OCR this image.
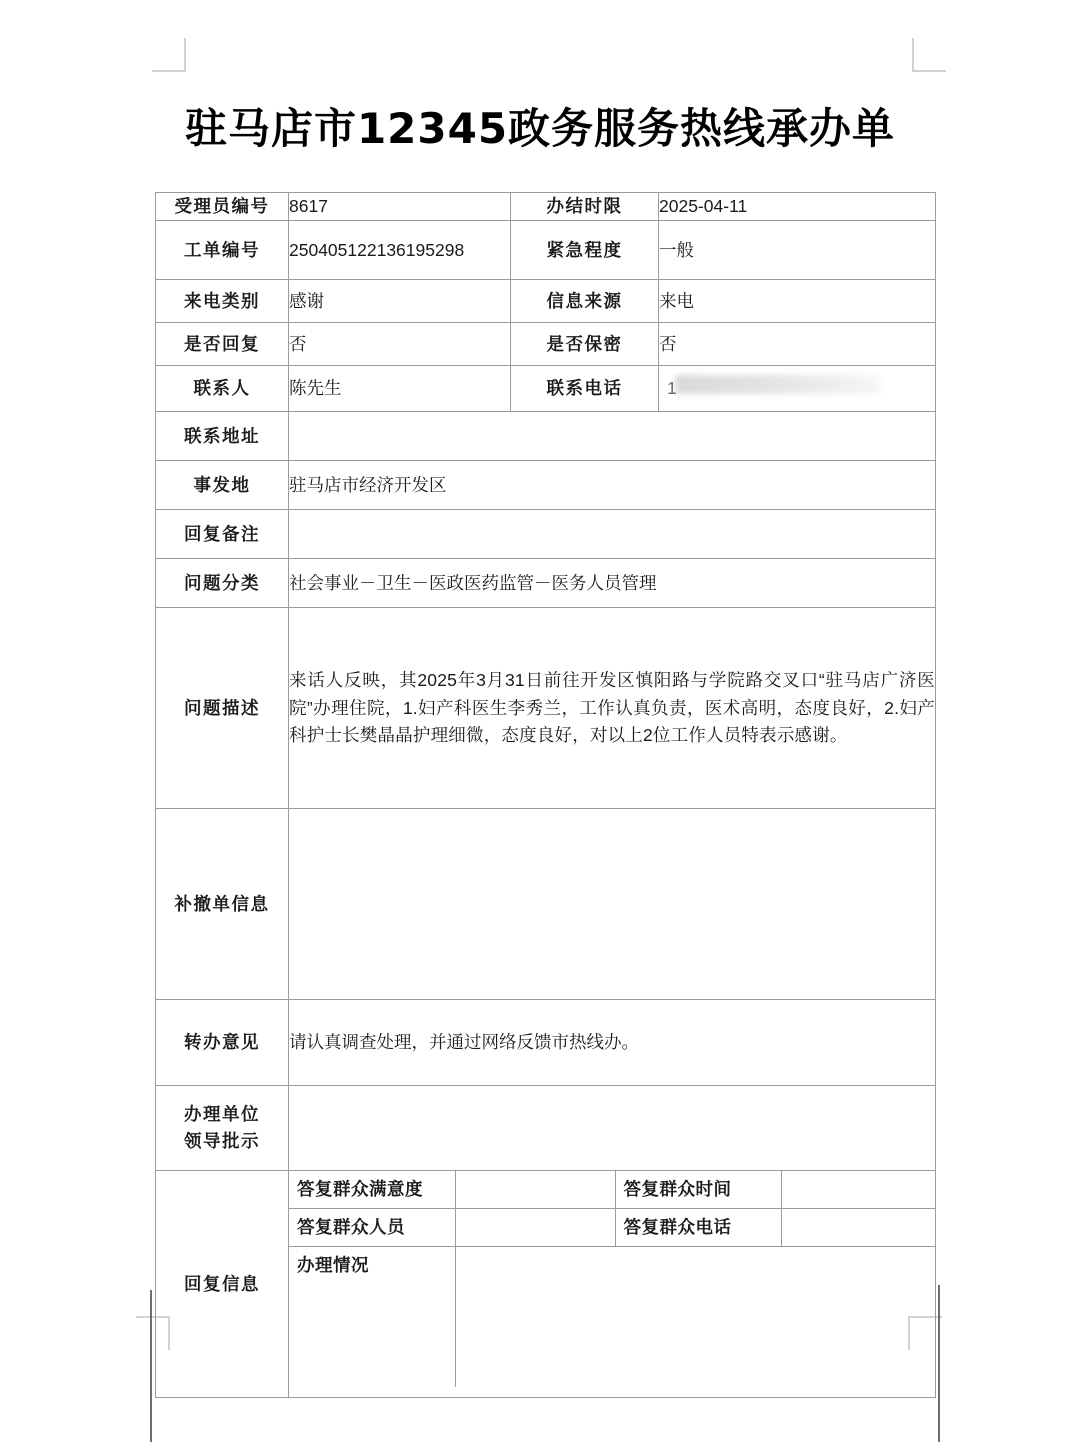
驻马店市12345政务服务热线承办单
受理员编号	8617	办结时限	2025-04-11
工单编号	250405122136195298	紧急程度	一般
来电类别	感谢	信息来源	来电
是否回复	否	是否保密	否
联系人	陈先生	联系电话	1

联系地址	
事发地	驻马店市经济开发区
回复备注	
问题分类	社会事业－卫生－医政医药监管－医务人员管理
问题描述	来话人反映，其2025年3月31日前往开发区慎阳路与学院路交叉口“驻马店广济医院”办理住院，1.妇产科医生李秀兰，工作认真负责，医术高明，态度良好，2.妇产科护士长樊晶晶护理细微，态度良好，对以上2位工作人员特表示感谢。
补撤单信息	
转办意见	请认真调查处理，并通过网络反馈市热线办。

办理单位
领导批示

回复信息	
答复群众满意度		答复群众时间	
答复群众人员		答复群众电话	
办理情况	
